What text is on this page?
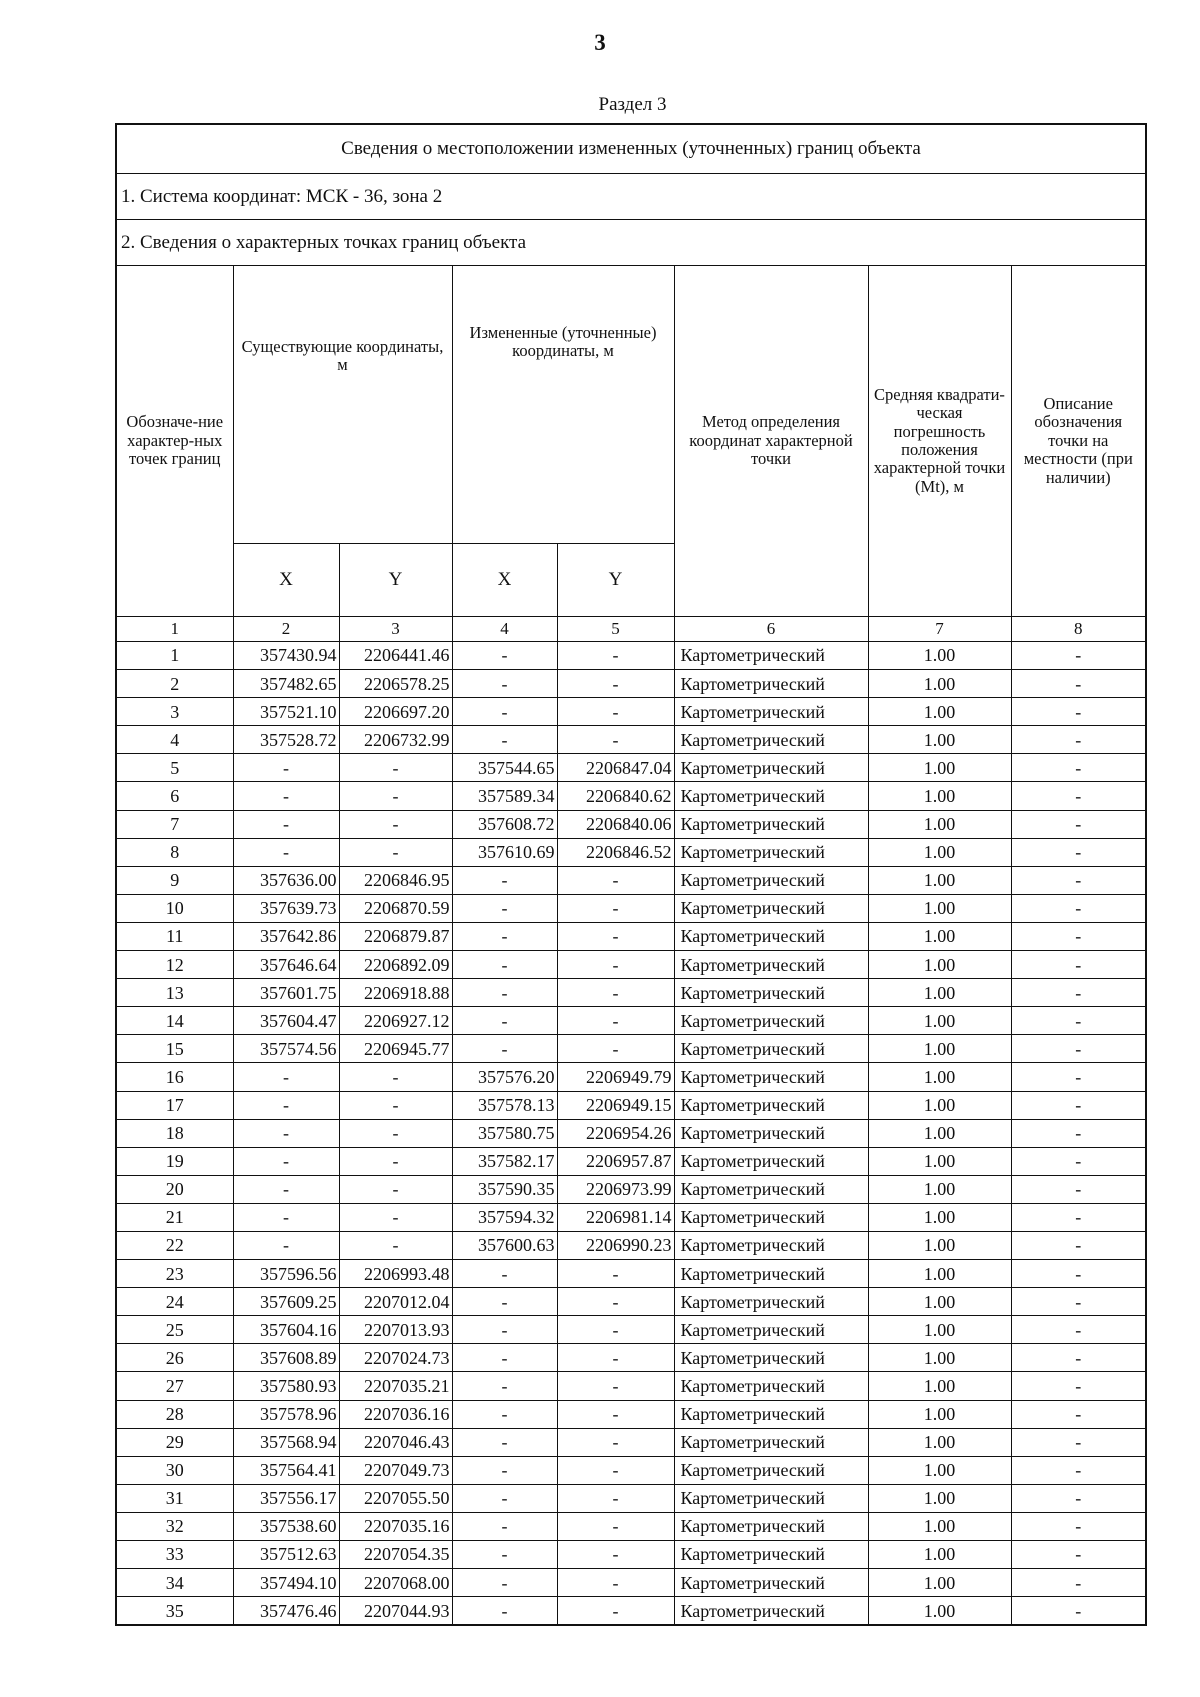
3
Раздел 3
Сведения о местоположении измененных (уточненных) границ объекта							
1. Система координат: МСК - 36, зона 2							
2. Сведения о характерных точках границ объекта							
Обозначе-ние характер-ных точек границ	Существующие координаты, м		Измененные (уточненные) координаты, м		Метод определения координат характерной точки	Средняя квадрати-ческая погрешность положения характерной точки (Mt), м	Описание обозначения точки на местности (при наличии)
	X	Y	X	Y			
1	2	3	4	5	6	7	8
1	357430.94	2206441.46	-	-	Картометрический	1.00	-
2	357482.65	2206578.25	-	-	Картометрический	1.00	-
3	357521.10	2206697.20	-	-	Картометрический	1.00	-
4	357528.72	2206732.99	-	-	Картометрический	1.00	-
5	-	-	357544.65	2206847.04	Картометрический	1.00	-
6	-	-	357589.34	2206840.62	Картометрический	1.00	-
7	-	-	357608.72	2206840.06	Картометрический	1.00	-
8	-	-	357610.69	2206846.52	Картометрический	1.00	-
9	357636.00	2206846.95	-	-	Картометрический	1.00	-
10	357639.73	2206870.59	-	-	Картометрический	1.00	-
11	357642.86	2206879.87	-	-	Картометрический	1.00	-
12	357646.64	2206892.09	-	-	Картометрический	1.00	-
13	357601.75	2206918.88	-	-	Картометрический	1.00	-
14	357604.47	2206927.12	-	-	Картометрический	1.00	-
15	357574.56	2206945.77	-	-	Картометрический	1.00	-
16	-	-	357576.20	2206949.79	Картометрический	1.00	-
17	-	-	357578.13	2206949.15	Картометрический	1.00	-
18	-	-	357580.75	2206954.26	Картометрический	1.00	-
19	-	-	357582.17	2206957.87	Картометрический	1.00	-
20	-	-	357590.35	2206973.99	Картометрический	1.00	-
21	-	-	357594.32	2206981.14	Картометрический	1.00	-
22	-	-	357600.63	2206990.23	Картометрический	1.00	-
23	357596.56	2206993.48	-	-	Картометрический	1.00	-
24	357609.25	2207012.04	-	-	Картометрический	1.00	-
25	357604.16	2207013.93	-	-	Картометрический	1.00	-
26	357608.89	2207024.73	-	-	Картометрический	1.00	-
27	357580.93	2207035.21	-	-	Картометрический	1.00	-
28	357578.96	2207036.16	-	-	Картометрический	1.00	-
29	357568.94	2207046.43	-	-	Картометрический	1.00	-
30	357564.41	2207049.73	-	-	Картометрический	1.00	-
31	357556.17	2207055.50	-	-	Картометрический	1.00	-
32	357538.60	2207035.16	-	-	Картометрический	1.00	-
33	357512.63	2207054.35	-	-	Картометрический	1.00	-
34	357494.10	2207068.00	-	-	Картометрический	1.00	-
35	357476.46	2207044.93	-	-	Картометрический	1.00	-
